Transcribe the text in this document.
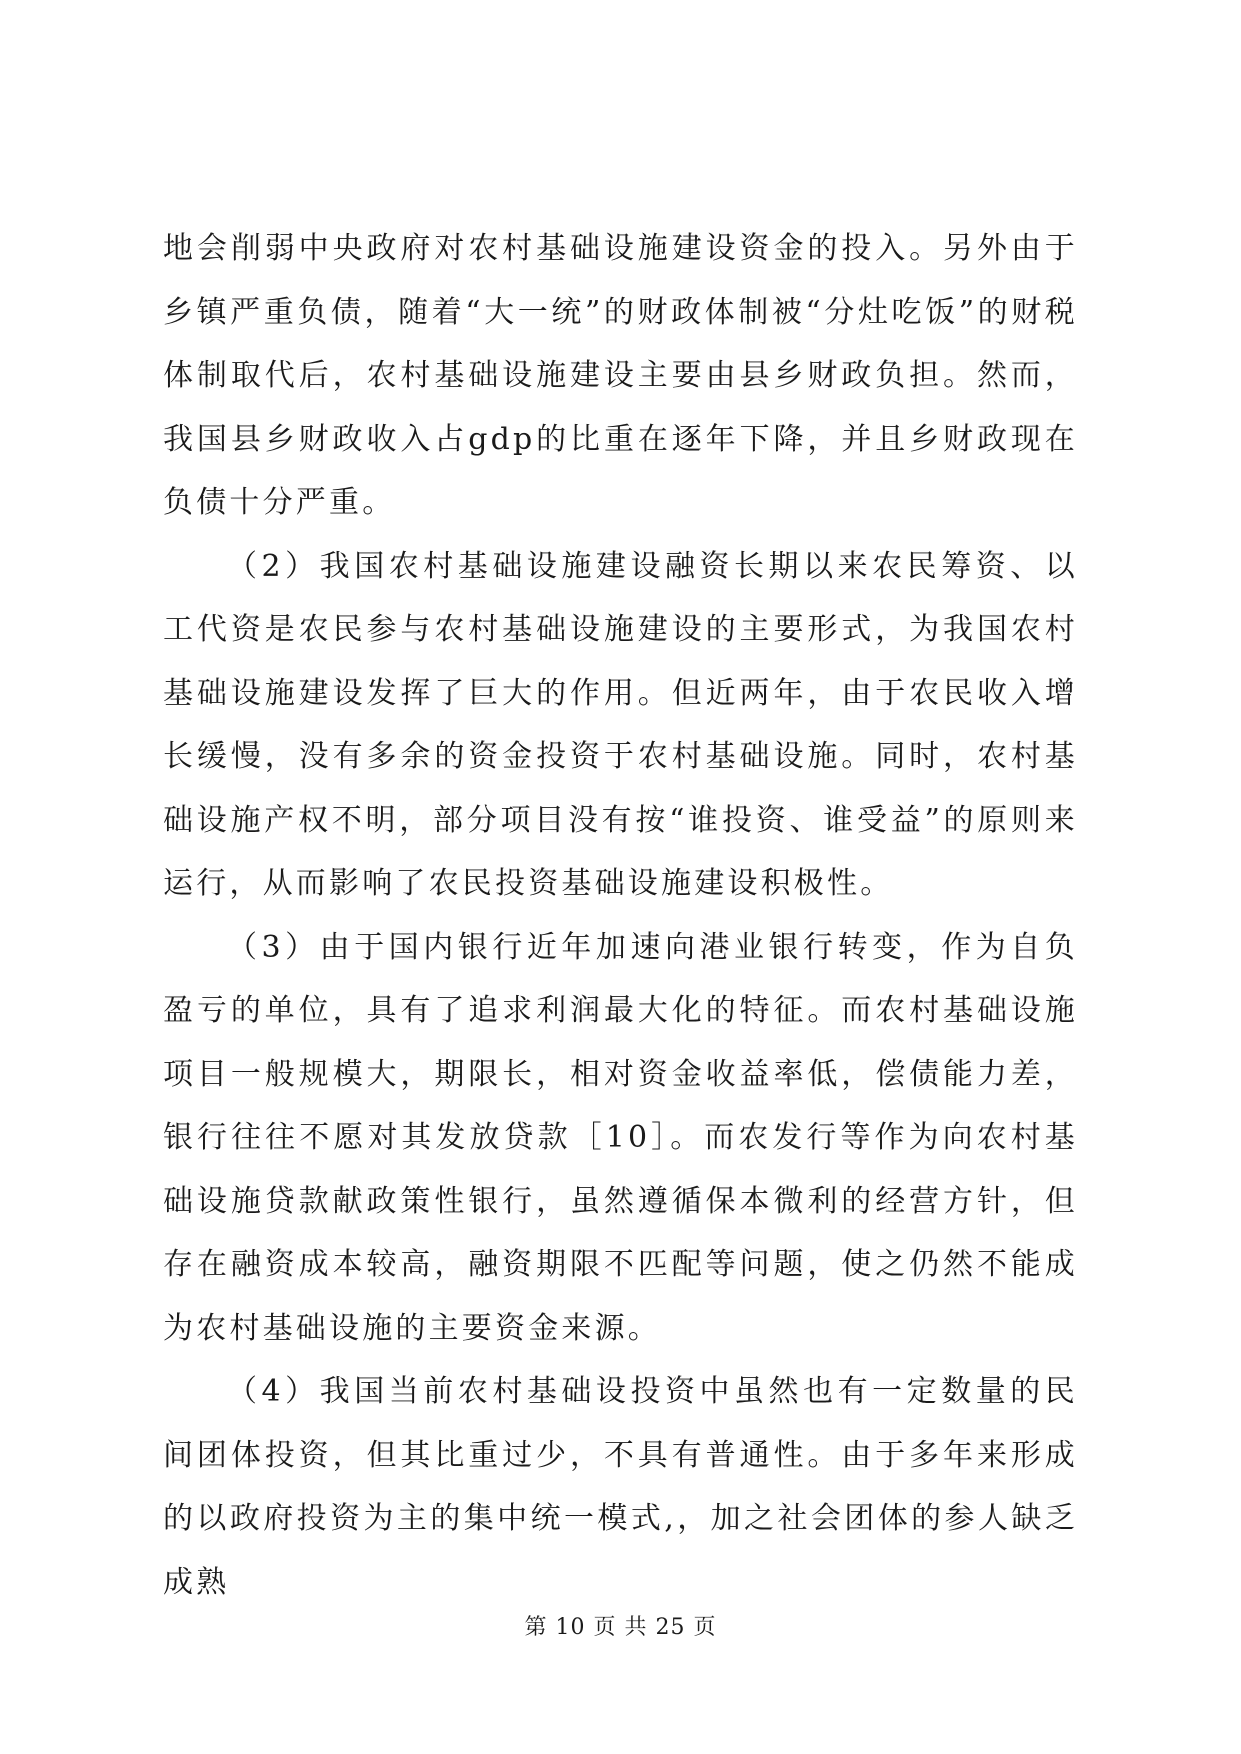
地会削弱中央政府对农村基础设施建设资金的投入。另外由于乡镇严重负债，随着“大一统”的财政体制被“分灶吃饭”的财税体制取代后，农村基础设施建设主要由县乡财政负担。然而，我国县乡财政收入占gdp的比重在逐年下降，并且乡财政现在负债十分严重。

（2）我国农村基础设施建设融资长期以来农民筹资、以工代资是农民参与农村基础设施建设的主要形式，为我国农村基础设施建设发挥了巨大的作用。但近两年，由于农民收入增长缓慢，没有多余的资金投资于农村基础设施。同时，农村基础设施产权不明，部分项目没有按“谁投资、谁受益”的原则来运行，从而影响了农民投资基础设施建设积极性。

（3）由于国内银行近年加速向港业银行转变，作为自负盈亏的单位，具有了追求利润最大化的特征。而农村基础设施项目一般规模大，期限长，相对资金收益率低，偿债能力差，银行往往不愿对其发放贷款［10］。而农发行等作为向农村基础设施贷款献政策性银行，虽然遵循保本微利的经营方针，但存在融资成本较高，融资期限不匹配等问题，使之仍然不能成为农村基础设施的主要资金来源。

（4）我国当前农村基础设投资中虽然也有一定数量的民间团体投资，但其比重过少，不具有普通性。由于多年来形成的以政府投资为主的集中统一模式,，加之社会团体的参人缺乏成熟

第 10 页 共 25 页
